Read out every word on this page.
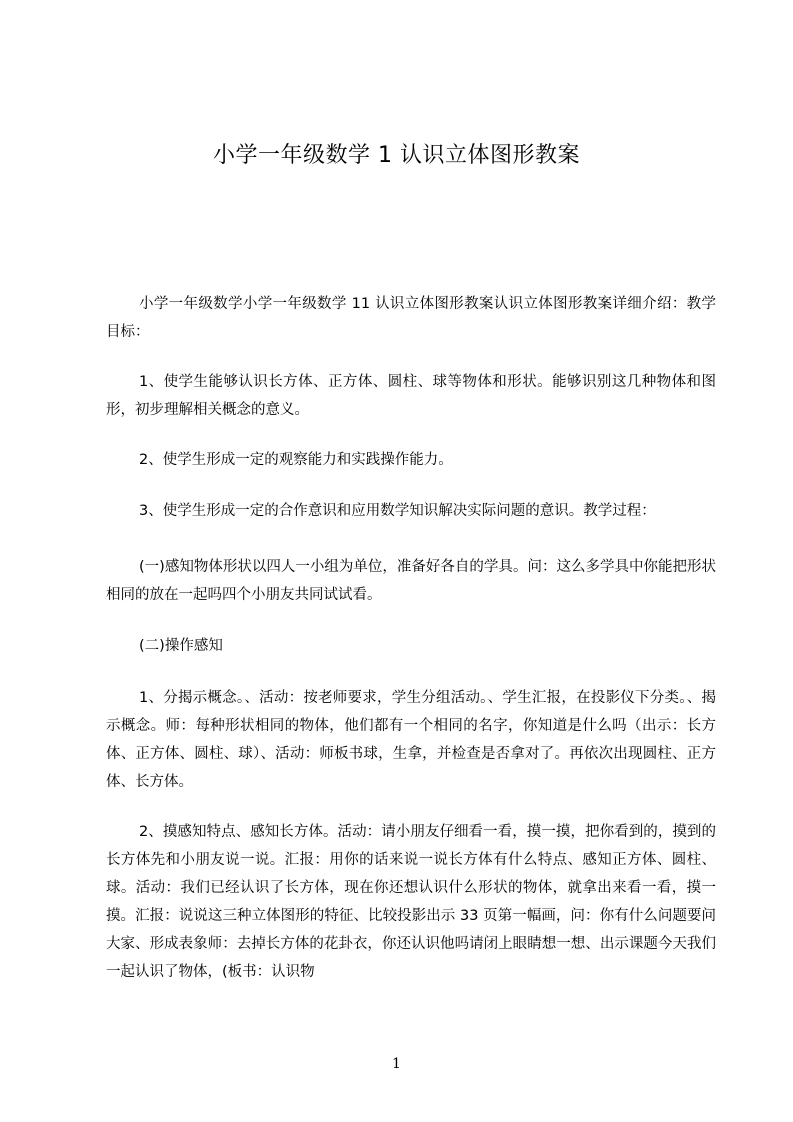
小学一年级数学 1 认识立体图形教案

小学一年级数学小学一年级数学 11 认识立体图形教案认识立体图形教案详细介绍：教学目标：

1、使学生能够认识长方体、正方体、圆柱、球等物体和形状。能够识别这几种物体和图形，初步理解相关概念的意义。

2、使学生形成一定的观察能力和实践操作能力。

3、使学生形成一定的合作意识和应用数学知识解决实际问题的意识。教学过程：

(一)感知物体形状以四人一小组为单位，准备好各自的学具。问：这么多学具中你能把形状相同的放在一起吗四个小朋友共同试试看。

(二)操作感知

1、分揭示概念。、活动：按老师要求，学生分组活动。、学生汇报，在投影仪下分类。、揭示概念。师：每种形状相同的物体，他们都有一个相同的名字，你知道是什么吗（出示：长方体、正方体、圆柱、球）、活动：师板书球，生拿，并检查是否拿对了。再依次出现圆柱、正方体、长方体。

2、摸感知特点、感知长方体。活动：请小朋友仔细看一看，摸一摸，把你看到的，摸到的长方体先和小朋友说一说。汇报：用你的话来说一说长方体有什么特点、感知正方体、圆柱、球。活动：我们已经认识了长方体，现在你还想认识什么形状的物体，就拿出来看一看，摸一摸。汇报：说说这三种立体图形的特征、比较投影出示 33 页第一幅画，问：你有什么问题要问大家、形成表象师：去掉长方体的花卦衣，你还认识他吗请闭上眼睛想一想、出示课题今天我们一起认识了物体，(板书：认识物

1
